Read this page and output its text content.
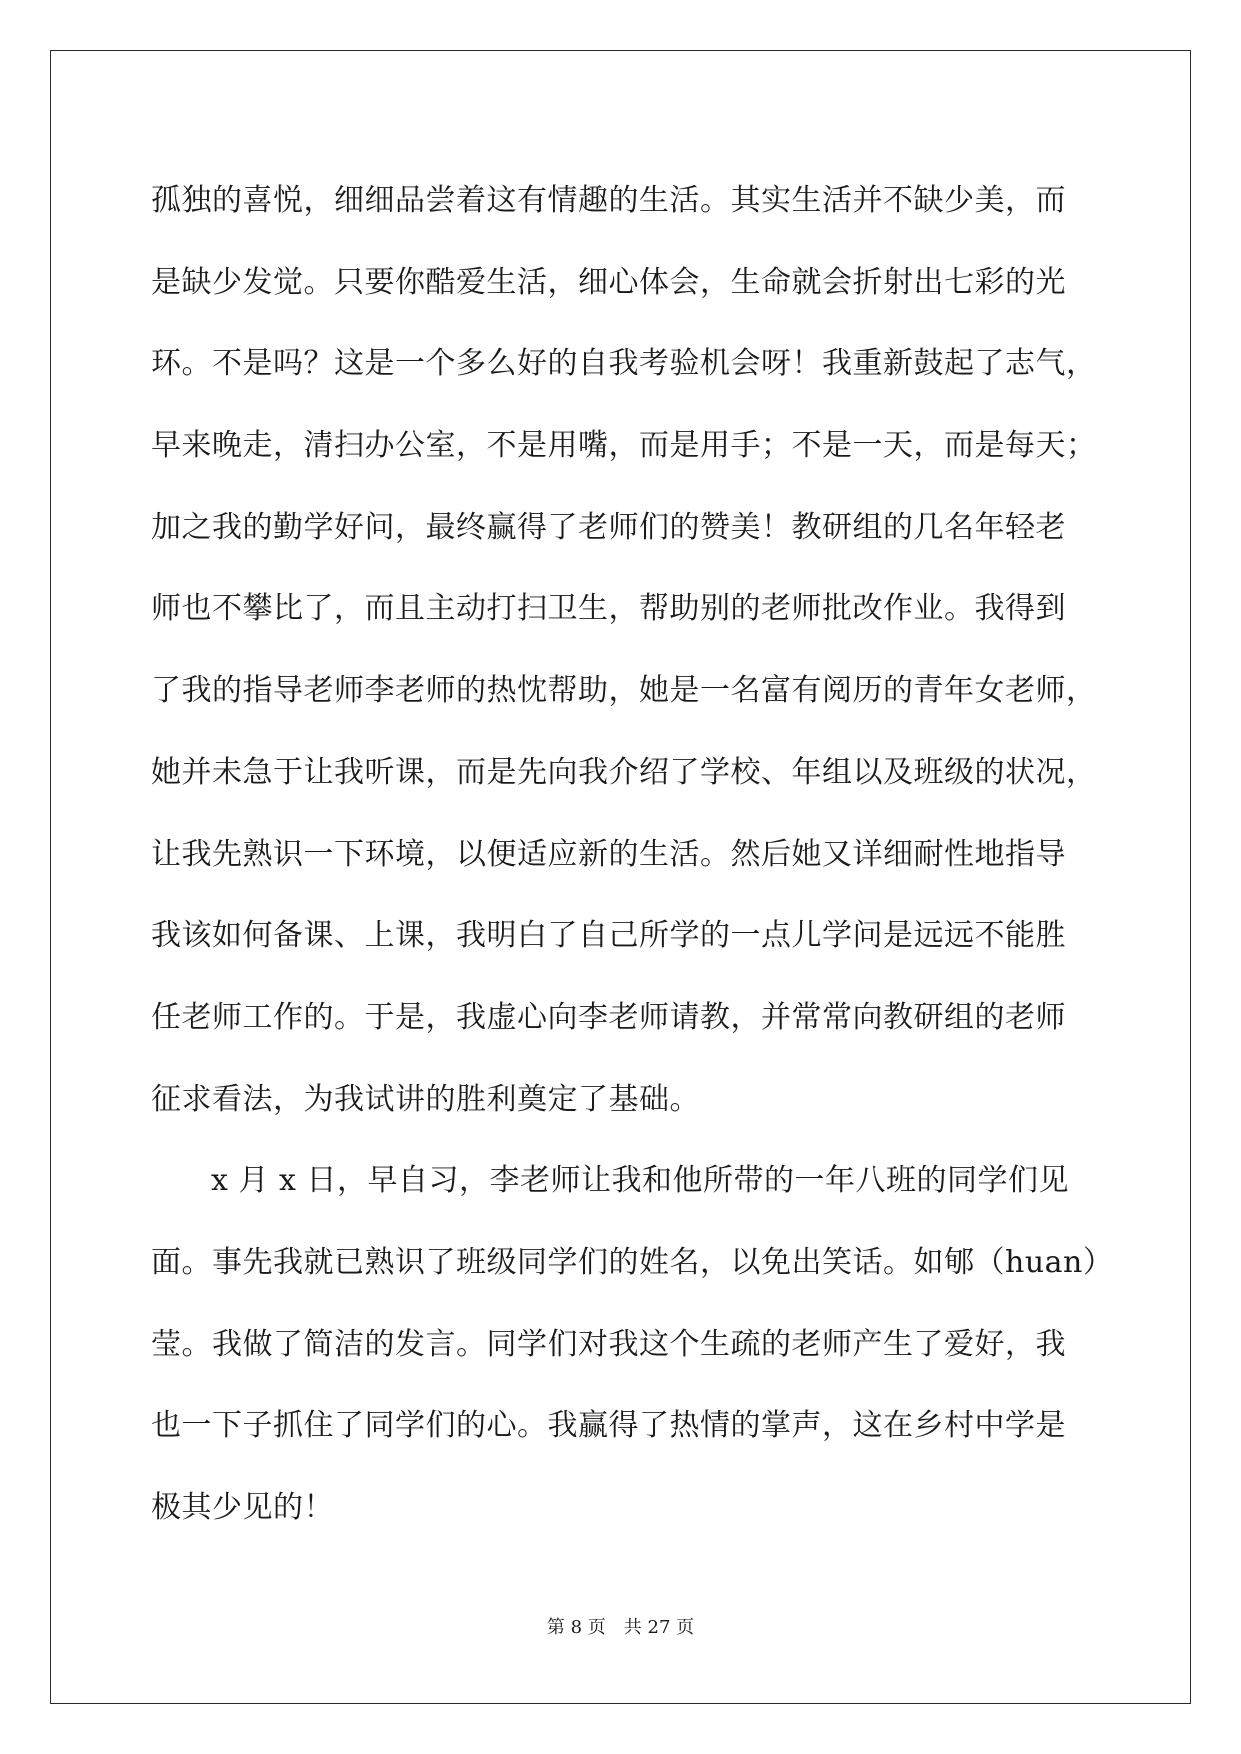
孤独的喜悦，细细品尝着这有情趣的生活。其实生活并不缺少美，而

是缺少发觉。只要你酷爱生活，细心体会，生命就会折射出七彩的光

环。不是吗？这是一个多么好的自我考验机会呀！我重新鼓起了志气，

早来晚走，清扫办公室，不是用嘴，而是用手；不是一天，而是每天；

加之我的勤学好问，最终赢得了老师们的赞美！教研组的几名年轻老

师也不攀比了，而且主动打扫卫生，帮助别的老师批改作业。我得到

了我的指导老师李老师的热忱帮助，她是一名富有阅历的青年女老师，

她并未急于让我听课，而是先向我介绍了学校、年组以及班级的状况，

让我先熟识一下环境，以便适应新的生活。然后她又详细耐性地指导

我该如何备课、上课，我明白了自己所学的一点儿学问是远远不能胜

任老师工作的。于是，我虚心向李老师请教，并常常向教研组的老师

征求看法，为我试讲的胜利奠定了基础。

x 月 x 日，早自习，李老师让我和他所带的一年八班的同学们见

面。事先我就已熟识了班级同学们的姓名，以免出笑话。如郇（huan）

莹。我做了简洁的发言。同学们对我这个生疏的老师产生了爱好，我

也一下子抓住了同学们的心。我赢得了热情的掌声，这在乡村中学是

极其少见的！

第 8 页　共 27 页
